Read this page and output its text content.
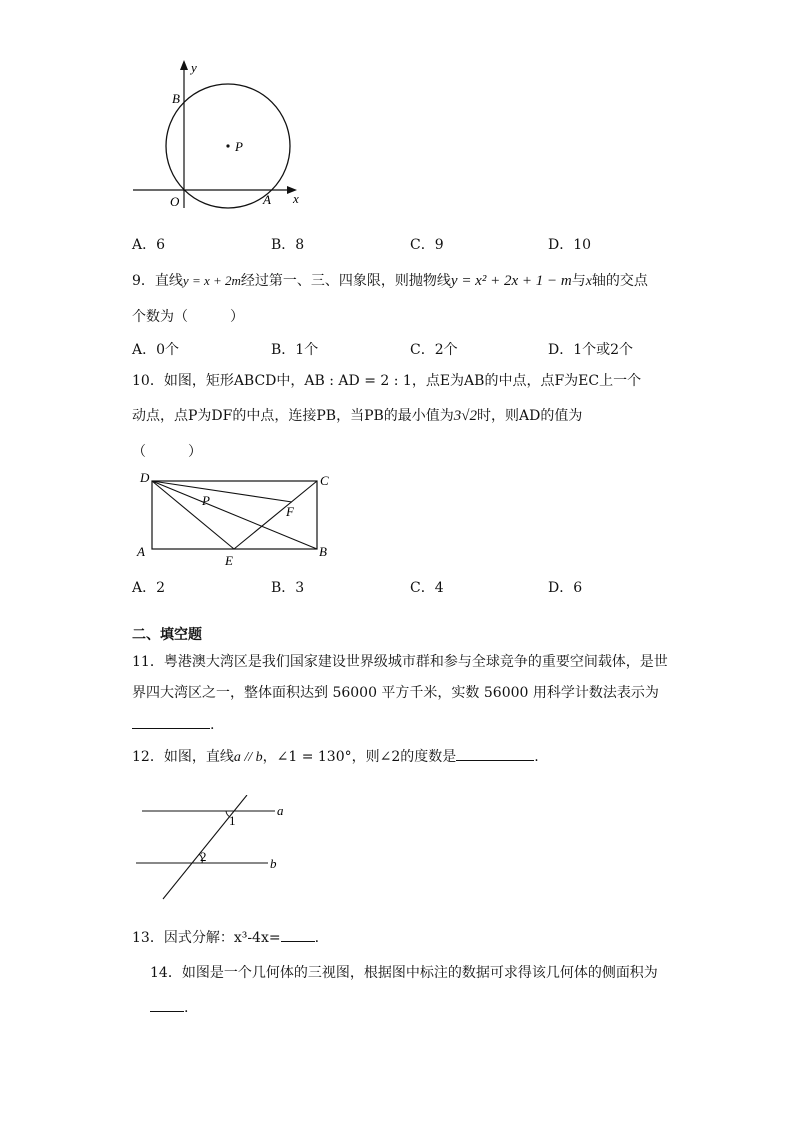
y
B
P
O	A x
A．6	B．8	C．9	D．10
9．直线y = x + 2m经过第一、三、四象限，则抛物线y = x² + 2x + 1 − m与x轴的交点
个数为（　　　）
A．0个	B．1个	C．2个	D．1个或2个
10．如图，矩形ABCD中，AB : AD = 2 : 1，点E为AB的中点，点F为EC上一个
动点，点P为DF的中点，连接PB，当PB的最小值为3√2时，则AD的值为
（　　　）
D	C
P
F
A
E
B
A．2	B．3	C．4	D．6
二、填空题
11．粤港澳大湾区是我们国家建设世界级城市群和参与全球竞争的重要空间载体，是世
界四大湾区之一，整体面积达到 56000 平方千米，实数 56000 用科学计数法表示为
.
12．如图，直线a // b，∠1 = 130°，则∠2的度数是	.
a
b
1
2
13．因式分解：x³-4x= .
14．如图是一个几何体的三视图，根据图中标注的数据可求得该几何体的侧面积为
.
